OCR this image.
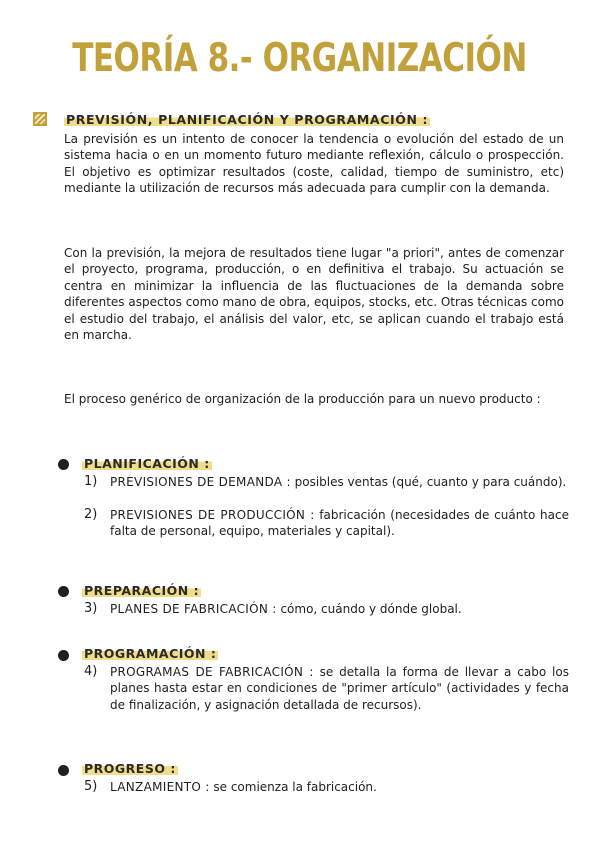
TEORÍA 8.- ORGANIZACIÓN
PREVISIÓN, PLANIFICACIÓN Y PROGRAMACIÓN :

La previsión es un intento de conocer la tendencia o evolución del estado de un sistema hacia o en un momento futuro mediante reflexión, cálculo o prospección. El objetivo es optimizar resultados (coste, calidad, tiempo de suministro, etc) mediante la utilización de recursos más adecuada para cumplir con la demanda.

Con la previsión, la mejora de resultados tiene lugar "a priori", antes de comenzar el proyecto, programa, producción, o en definitiva el trabajo. Su actuación se centra en minimizar la influencia de las fluctuaciones de la demanda sobre diferentes aspectos como mano de obra, equipos, stocks, etc. Otras técnicas como el estudio del trabajo, el análisis del valor, etc, se aplican cuando el trabajo está en marcha.

El proceso genérico de organización de la producción para un nuevo producto :

PLANIFICACIÓN :
1)	PREVISIONES DE DEMANDA : posibles ventas (qué, cuanto y para cuándo).
2)	PREVISIONES DE PRODUCCIÓN : fabricación (necesidades de cuánto hace falta de personal, equipo, materiales y capital).
PREPARACIÓN :
3)	PLANES DE FABRICACIÓN : cómo, cuándo y dónde global.
PROGRAMACIÓN :
4)	PROGRAMAS DE FABRICACIÓN : se detalla la forma de llevar a cabo los planes hasta estar en condiciones de "primer artículo" (actividades y fecha de finalización, y asignación detallada de recursos).
PROGRESO :
5)	LANZAMIENTO : se comienza la fabricación.
